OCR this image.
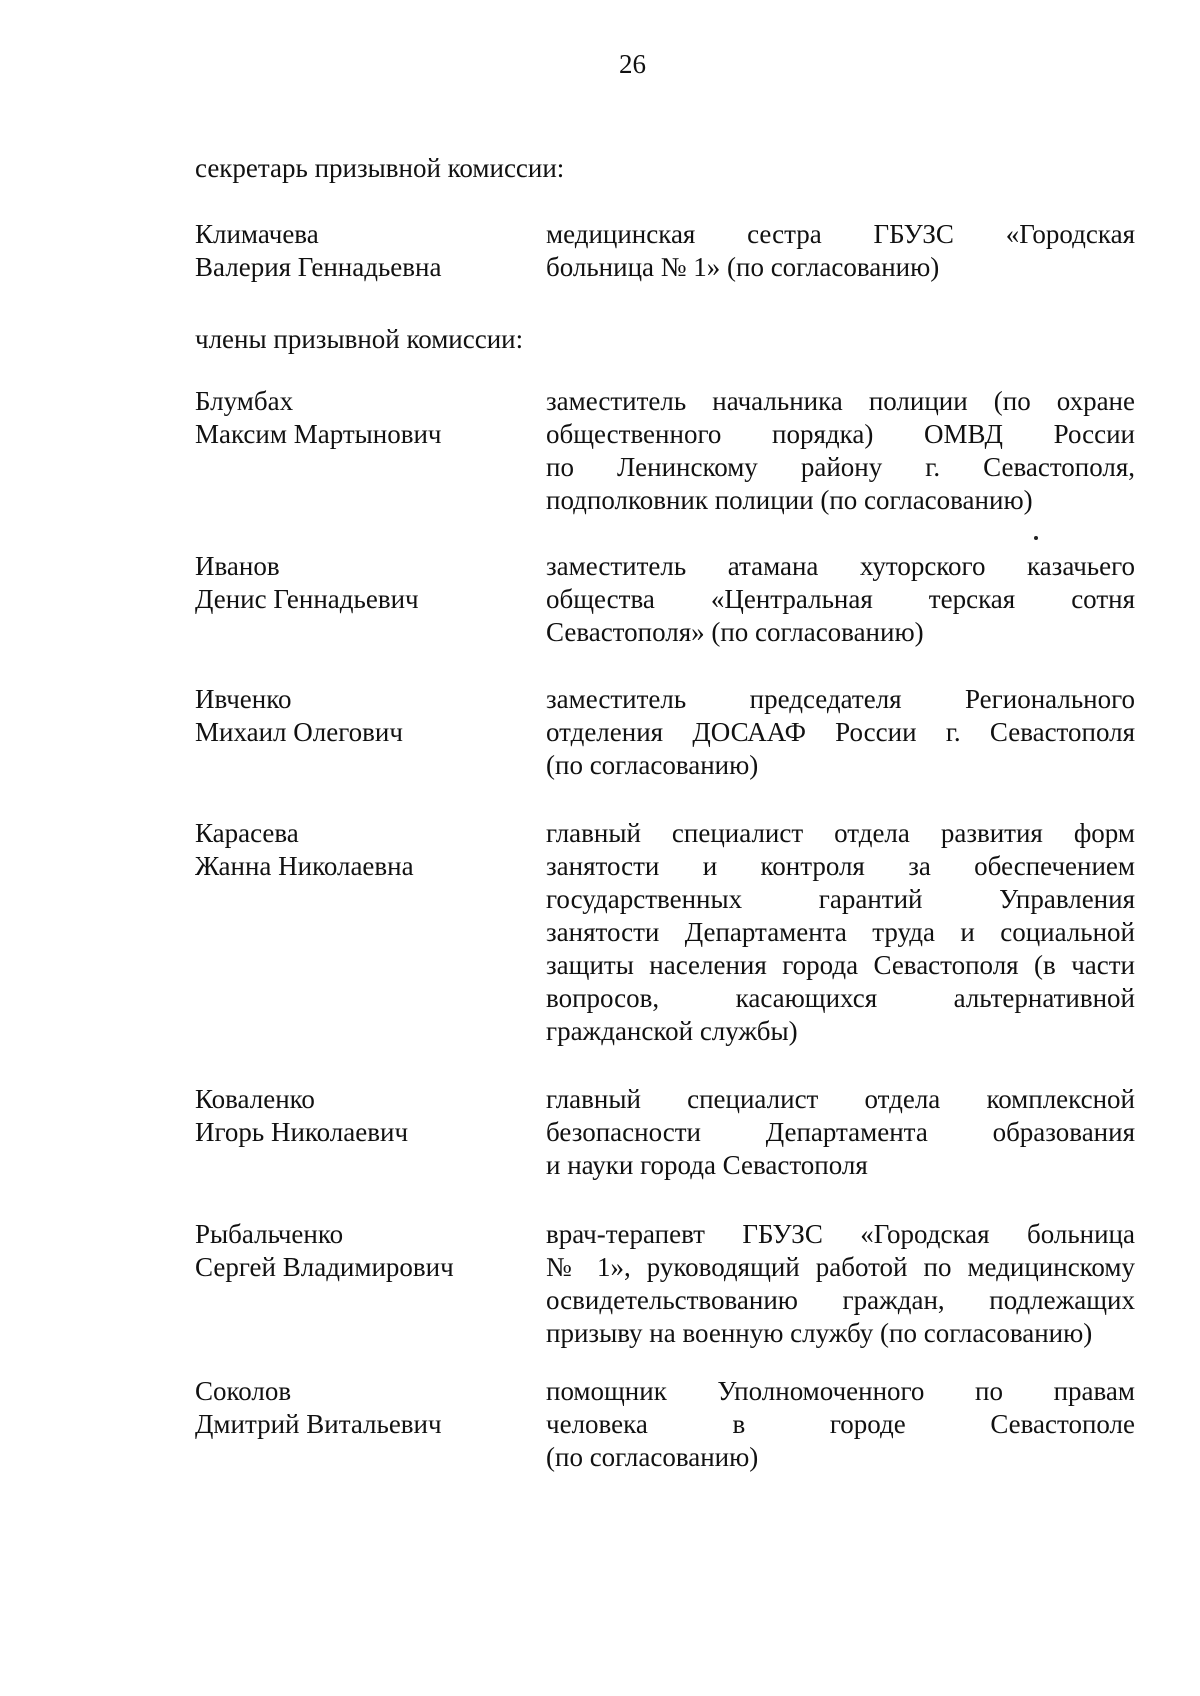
26
секретарь призывной комиссии:
Климачева
Валерия Геннадьевна
медицинская сестра ГБУЗС «Городская
больница № 1» (по согласованию)
члены призывной комиссии:
Блумбах
Максим Мартынович
заместитель начальника полиции (по охране
общественного порядка) ОМВД России
по Ленинскому району г. Севастополя,
подполковник полиции (по согласованию)
Иванов
Денис Геннадьевич
заместитель атамана хуторского казачьего
общества «Центральная терская сотня
Севастополя» (по согласованию)
Ивченко
Михаил Олегович
заместитель председателя Регионального
отделения ДОСААФ России г. Севастополя
(по согласованию)
Карасева
Жанна Николаевна
главный специалист отдела развития форм
занятости и контроля за обеспечением
государственных гарантий Управления
занятости Департамента труда и социальной
защиты населения города Севастополя (в части
вопросов, касающихся альтернативной
гражданской службы)
Коваленко
Игорь Николаевич
главный специалист отдела комплексной
безопасности Департамента образования
и науки города Севастополя
Рыбальченко
Сергей Владимирович
врач-терапевт ГБУЗС «Городская больница
№ 1», руководящий работой по медицинскому
освидетельствованию граждан, подлежащих
призыву на военную службу (по согласованию)
Соколов
Дмитрий Витальевич
помощник Уполномоченного по правам
человека в городе Севастополе
(по согласованию)
